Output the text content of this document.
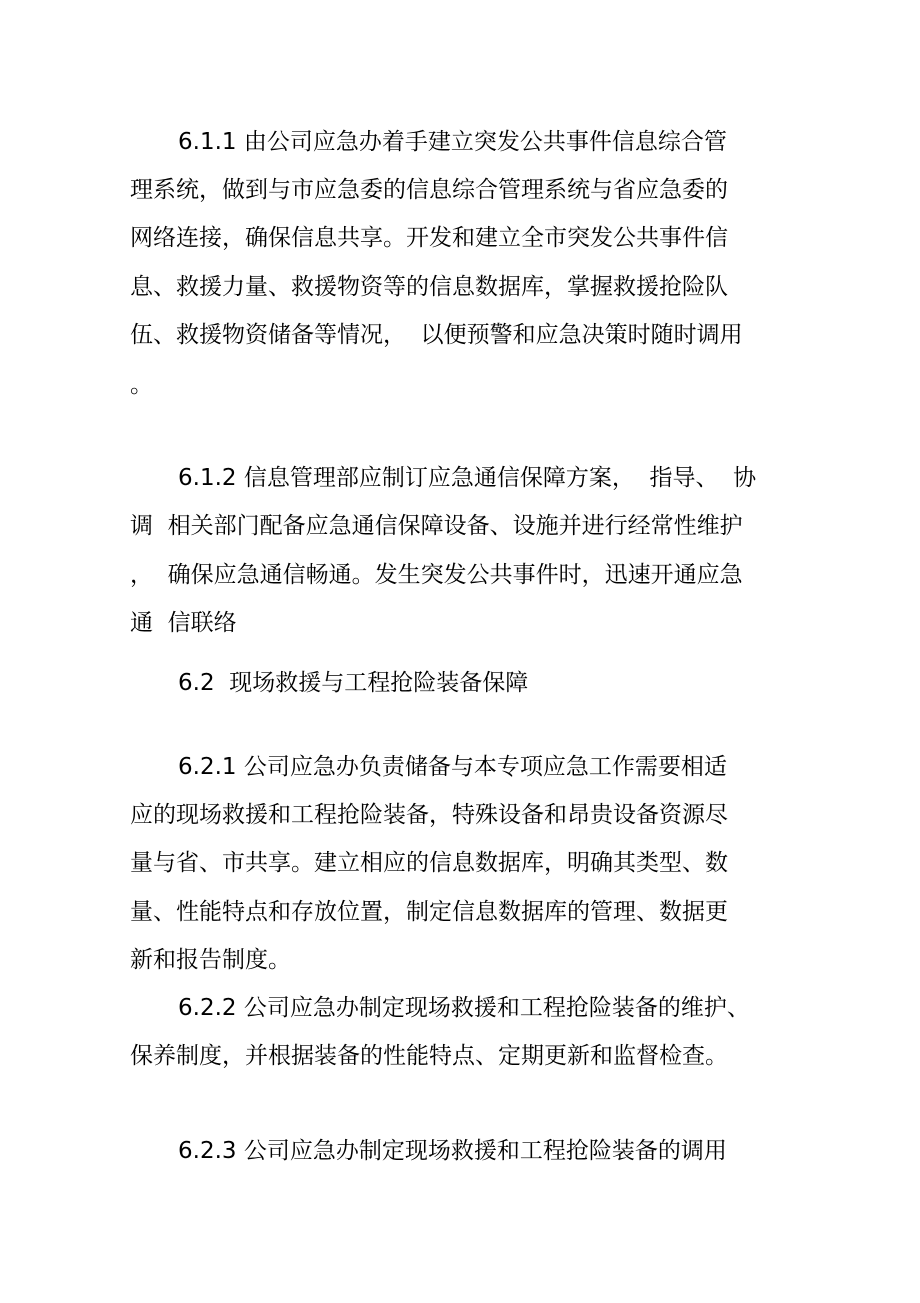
6.1.1 由公司应急办着手建立突发公共事件信息综合管

理系统，做到与市应急委的信息综合管理系统与省应急委的

网络连接，确保信息共享。开发和建立全市突发公共事件信

息、救援力量、救援物资等的信息数据库，掌握救援抢险队

伍、救援物资储备等情况，  以便预警和应急决策时随时调用

。

6.1.2 信息管理部应制订应急通信保障方案，  指导、  协

调  相关部门配备应急通信保障设备、设施并进行经常性维护

，  确保应急通信畅通。发生突发公共事件时，迅速开通应急

通  信联络

6.2  现场救援与工程抢险装备保障

6.2.1 公司应急办负责储备与本专项应急工作需要相适

应的现场救援和工程抢险装备，特殊设备和昂贵设备资源尽

量与省、市共享。建立相应的信息数据库，明确其类型、数

量、性能特点和存放位置，制定信息数据库的管理、数据更

新和报告制度。

6.2.2 公司应急办制定现场救援和工程抢险装备的维护、

保养制度，并根据装备的性能特点、定期更新和监督检查。

6.2.3 公司应急办制定现场救援和工程抢险装备的调用
